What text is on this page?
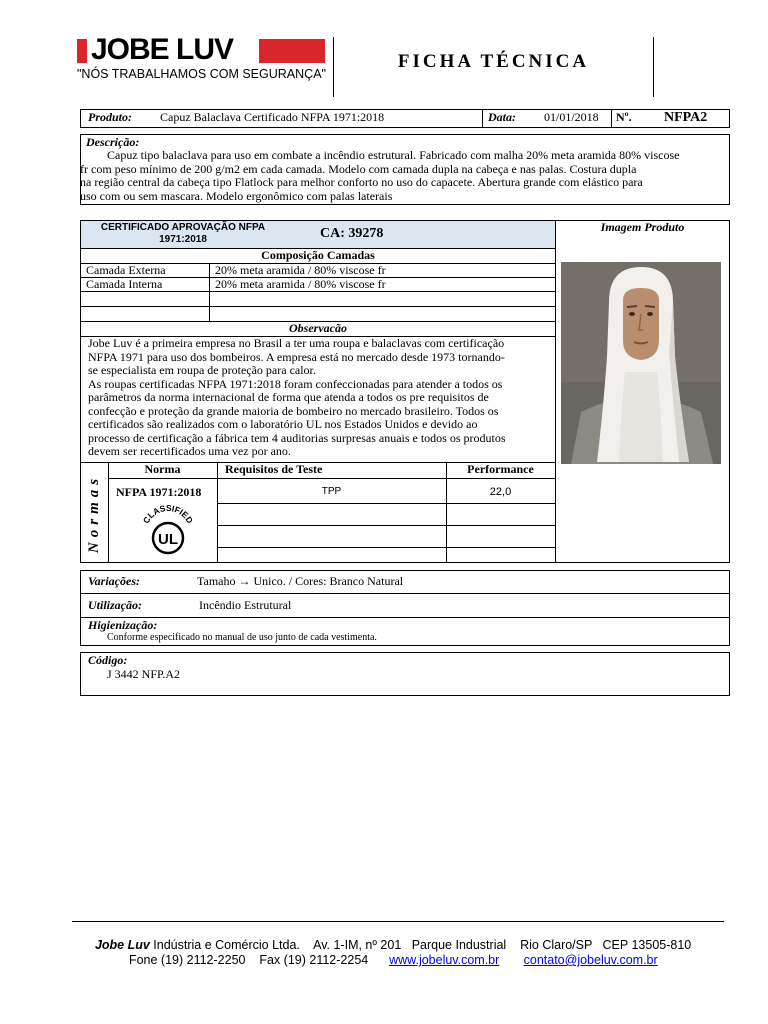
JOBE LUV
"NÓS TRABALHAMOS COM SEGURANÇA"
FICHA TÉCNICA
Produto: Capuz Balaclava Certificado NFPA 1971:2018	Data: 01/01/2018 Nº. NFPA2
Descrição:
Capuz tipo balaclava para uso em combate a incêndio estrutural. Fabricado com malha 20% meta aramida 80% viscose
fr com peso mínimo de 200 g/m2 em cada camada. Modelo com camada dupla na cabeça e nas palas. Costura dupla
na região central da cabeça tipo Flatlock para melhor conforto no uso do capacete. Abertura grande com elástico para
uso com ou sem mascara. Modelo ergonômico com palas laterais
CERTIFICADO APROVAÇÃO NFPA
1971:2018	CA: 39278	Imagem Produto
Composição Camadas
Camada Externa	20% meta aramida / 80% viscose fr
Camada Interna	20% meta aramida / 80% viscose fr
Observacão
Jobe Luv é a primeira empresa no Brasil a ter uma roupa e balaclavas com certificação
NFPA 1971 para uso dos bombeiros. A empresa está no mercado desde 1973 tornando-
se especialista em roupa de proteção para calor.
As roupas certificadas NFPA 1971:2018 foram confeccionadas para atender a todos os
parâmetros da norma internacional de forma que atenda a todos os pre requisitos de
confecção e proteção da grande maioria de bombeiro no mercado brasileiro. Todos os
certificados são realizados com o laboratório UL nos Estados Unidos e devido ao
processo de certificação a fábrica tem 4 auditorias surpresas anuais e todos os produtos
devem ser recertificados uma vez por ano.
Normas
Norma	Requisitos de Teste	Performance
NFPA 1971:2018	TPP	22,0
CLASSIFIED
UL
Variações:	Tamaho → Unico. / Cores: Branco Natural
Utilização:	Incêndio Estrutural
Higienização:
Conforme especificado no manual de uso junto de cada vestimenta.
Código:
J 3442 NFP.A2

Jobe Luv Indústria e Comércio Ltda.    Av. 1-IM, nº 201   Parque Industrial    Rio Claro/SP   CEP 13505-810

Fone (19) 2112-2250    Fax (19) 2112-2254 www.jobeluv.com.br contato@jobeluv.com.br
